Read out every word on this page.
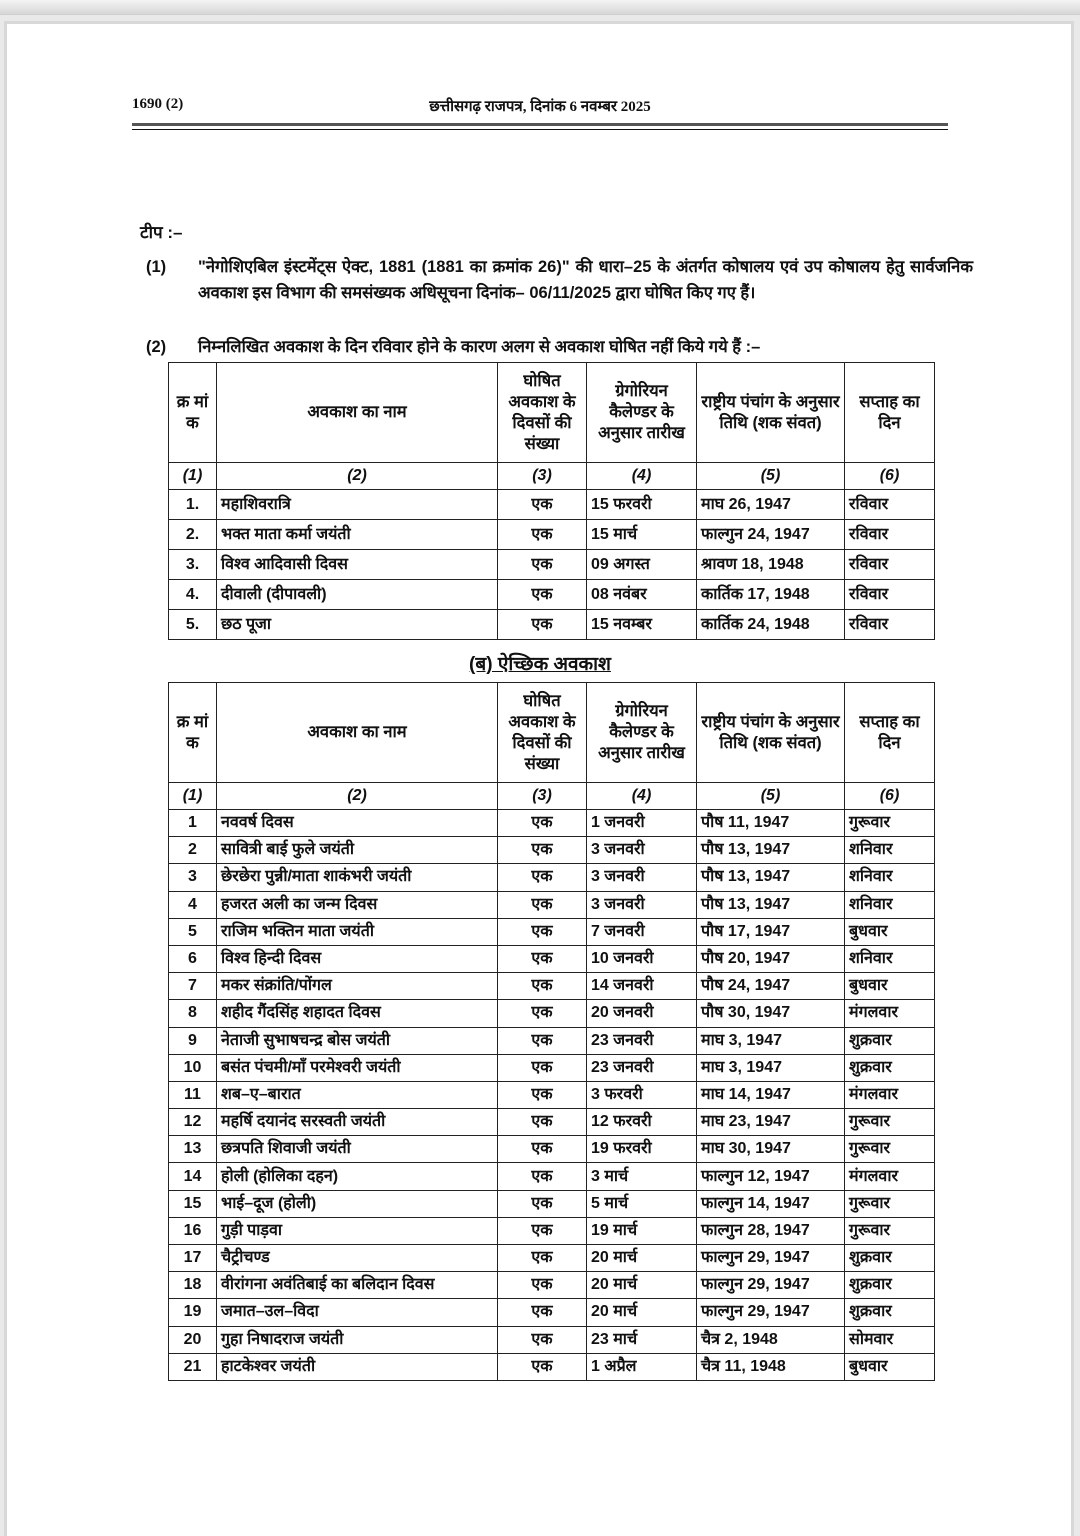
1690 (2)	छत्तीसगढ़ राजपत्र, दिनांक 6 नवम्बर 2025
टीप :–
(1) "नेगोशिएबिल इंस्टमेंट्स ऐक्ट, 1881 (1881 का क्रमांक 26)" की धारा–25 के अंतर्गत कोषालय एवं उप कोषालय हेतु सार्वजनिक अवकाश इस विभाग की समसंख्यक अधिसूचना दिनांक– 06/11/2025 द्वारा घोषित किए गए हैं।
(2) निम्नलिखित अवकाश के दिन रविवार होने के कारण अलग से अवकाश घोषित नहीं किये गये हैं :–
क्र मां क	अवकाश का नाम	घोषित अवकाश के दिवसों की संख्या	ग्रेगोरियन कैलेण्डर के अनुसार तारीख	राष्ट्रीय पंचांग के अनुसार तिथि (शक संवत)	सप्ताह का दिन
(1)	(2)	(3)	(4)	(5)	(6)
1.	महाशिवरात्रि	एक	15 फरवरी	माघ 26, 1947	रविवार
2.	भक्त माता कर्मा जयंती	एक	15 मार्च	फाल्गुन 24, 1947	रविवार
3.	विश्व आदिवासी दिवस	एक	09 अगस्त	श्रावण 18, 1948	रविवार
4.	दीवाली (दीपावली)	एक	08 नवंबर	कार्तिक 17, 1948	रविवार
5.	छठ पूजा	एक	15 नवम्बर	कार्तिक 24, 1948	रविवार
(ब) ऐच्छिक अवकाश
क्र मां क	अवकाश का नाम	घोषित अवकाश के दिवसों की संख्या	ग्रेगोरियन कैलेण्डर के अनुसार तारीख	राष्ट्रीय पंचांग के अनुसार तिथि (शक संवत)	सप्ताह का दिन
(1)	(2)	(3)	(4)	(5)	(6)
1	नववर्ष दिवस	एक	1 जनवरी	पौष 11, 1947	गुरूवार
2	सावित्री बाई फुले जयंती	एक	3 जनवरी	पौष 13, 1947	शनिवार
3	छेरछेरा पुन्नी/माता शाकंभरी जयंती	एक	3 जनवरी	पौष 13, 1947	शनिवार
4	हजरत अली का जन्म दिवस	एक	3 जनवरी	पौष 13, 1947	शनिवार
5	राजिम भक्तिन माता जयंती	एक	7 जनवरी	पौष 17, 1947	बुधवार
6	विश्व हिन्दी दिवस	एक	10 जनवरी	पौष 20, 1947	शनिवार
7	मकर संक्रांति/पोंगल	एक	14 जनवरी	पौष 24, 1947	बुधवार
8	शहीद गैंदसिंह शहादत दिवस	एक	20 जनवरी	पौष 30, 1947	मंगलवार
9	नेताजी सुभाषचन्द्र बोस जयंती	एक	23 जनवरी	माघ 3, 1947	शुक्रवार
10	बसंत पंचमी/माँ परमेश्वरी जयंती	एक	23 जनवरी	माघ 3, 1947	शुक्रवार
11	शब–ए–बारात	एक	3 फरवरी	माघ 14, 1947	मंगलवार
12	महर्षि दयानंद सरस्वती जयंती	एक	12 फरवरी	माघ 23, 1947	गुरूवार
13	छत्रपति शिवाजी जयंती	एक	19 फरवरी	माघ 30, 1947	गुरूवार
14	होली (होलिका दहन)	एक	3 मार्च	फाल्गुन 12, 1947	मंगलवार
15	भाई–दूज (होली)	एक	5 मार्च	फाल्गुन 14, 1947	गुरूवार
16	गुड़ी पाड़वा	एक	19 मार्च	फाल्गुन 28, 1947	गुरूवार
17	चैट्रीचण्ड	एक	20 मार्च	फाल्गुन 29, 1947	शुक्रवार
18	वीरांगना अवंतिबाई का बलिदान दिवस	एक	20 मार्च	फाल्गुन 29, 1947	शुक्रवार
19	जमात–उल–विदा	एक	20 मार्च	फाल्गुन 29, 1947	शुक्रवार
20	गुहा निषादराज जयंती	एक	23 मार्च	चैत्र 2, 1948	सोमवार
21	हाटकेश्वर जयंती	एक	1 अप्रैल	चैत्र 11, 1948	बुधवार
